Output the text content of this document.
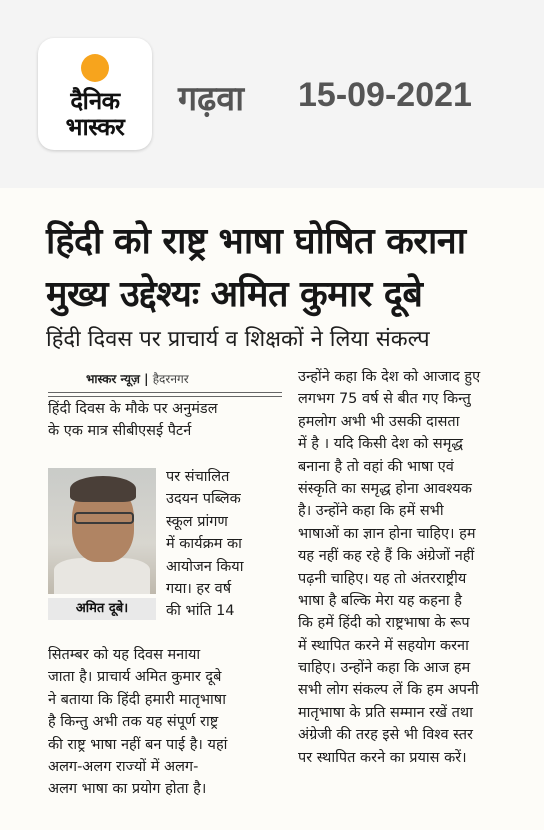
दैनिक
भास्कर
गढ़वा 15-09-2021
हिंदी को राष्ट्र भाषा घोषित कराना
मुख्य उद्देश्यः अमित कुमार दूबे
हिंदी दिवस पर प्राचार्य व शिक्षकों ने लिया संकल्प
भास्कर न्यूज़ | हैदरनगर
हिंदी दिवस के मौके पर अनुमंडल
के एक मात्र सीबीएसई पैटर्न
अमित दूबे।
पर संचालित
उदयन पब्लिक
स्कूल प्रांगण
में कार्यक्रम का
आयोजन किया
गया। हर वर्ष
की भांति 14
सितम्बर को यह दिवस मनाया
जाता है। प्राचार्य अमित कुमार दूबे
ने बताया कि हिंदी हमारी मातृभाषा
है किन्तु अभी तक यह संपूर्ण राष्ट्र
की राष्ट्र भाषा नहीं बन पाई है। यहां
अलग-अलग राज्यों में अलग-
अलग भाषा का प्रयोग होता है।
उन्होंने कहा कि देश को आजाद हुए
लगभग 75 वर्ष से बीत गए किन्तु
हमलोग अभी भी उसकी दासता
में है । यदि किसी देश को समृद्ध
बनाना है तो वहां की भाषा एवं
संस्कृति का समृद्ध होना आवश्यक
है। उन्होंने कहा कि हमें सभी
भाषाओं का ज्ञान होना चाहिए। हम
यह नहीं कह रहे हैं कि अंग्रेजों नहीं
पढ़नी चाहिए। यह तो अंतरराष्ट्रीय
भाषा है बल्कि मेरा यह कहना है
कि हमें हिंदी को राष्ट्रभाषा के रूप
में स्थापित करने में सहयोग करना
चाहिए। उन्होंने कहा कि आज हम
सभी लोग संकल्प लें कि हम अपनी
मातृभाषा के प्रति सम्मान रखें तथा
अंग्रेजी की तरह इसे भी विश्व स्तर
पर स्थापित करने का प्रयास करें।
